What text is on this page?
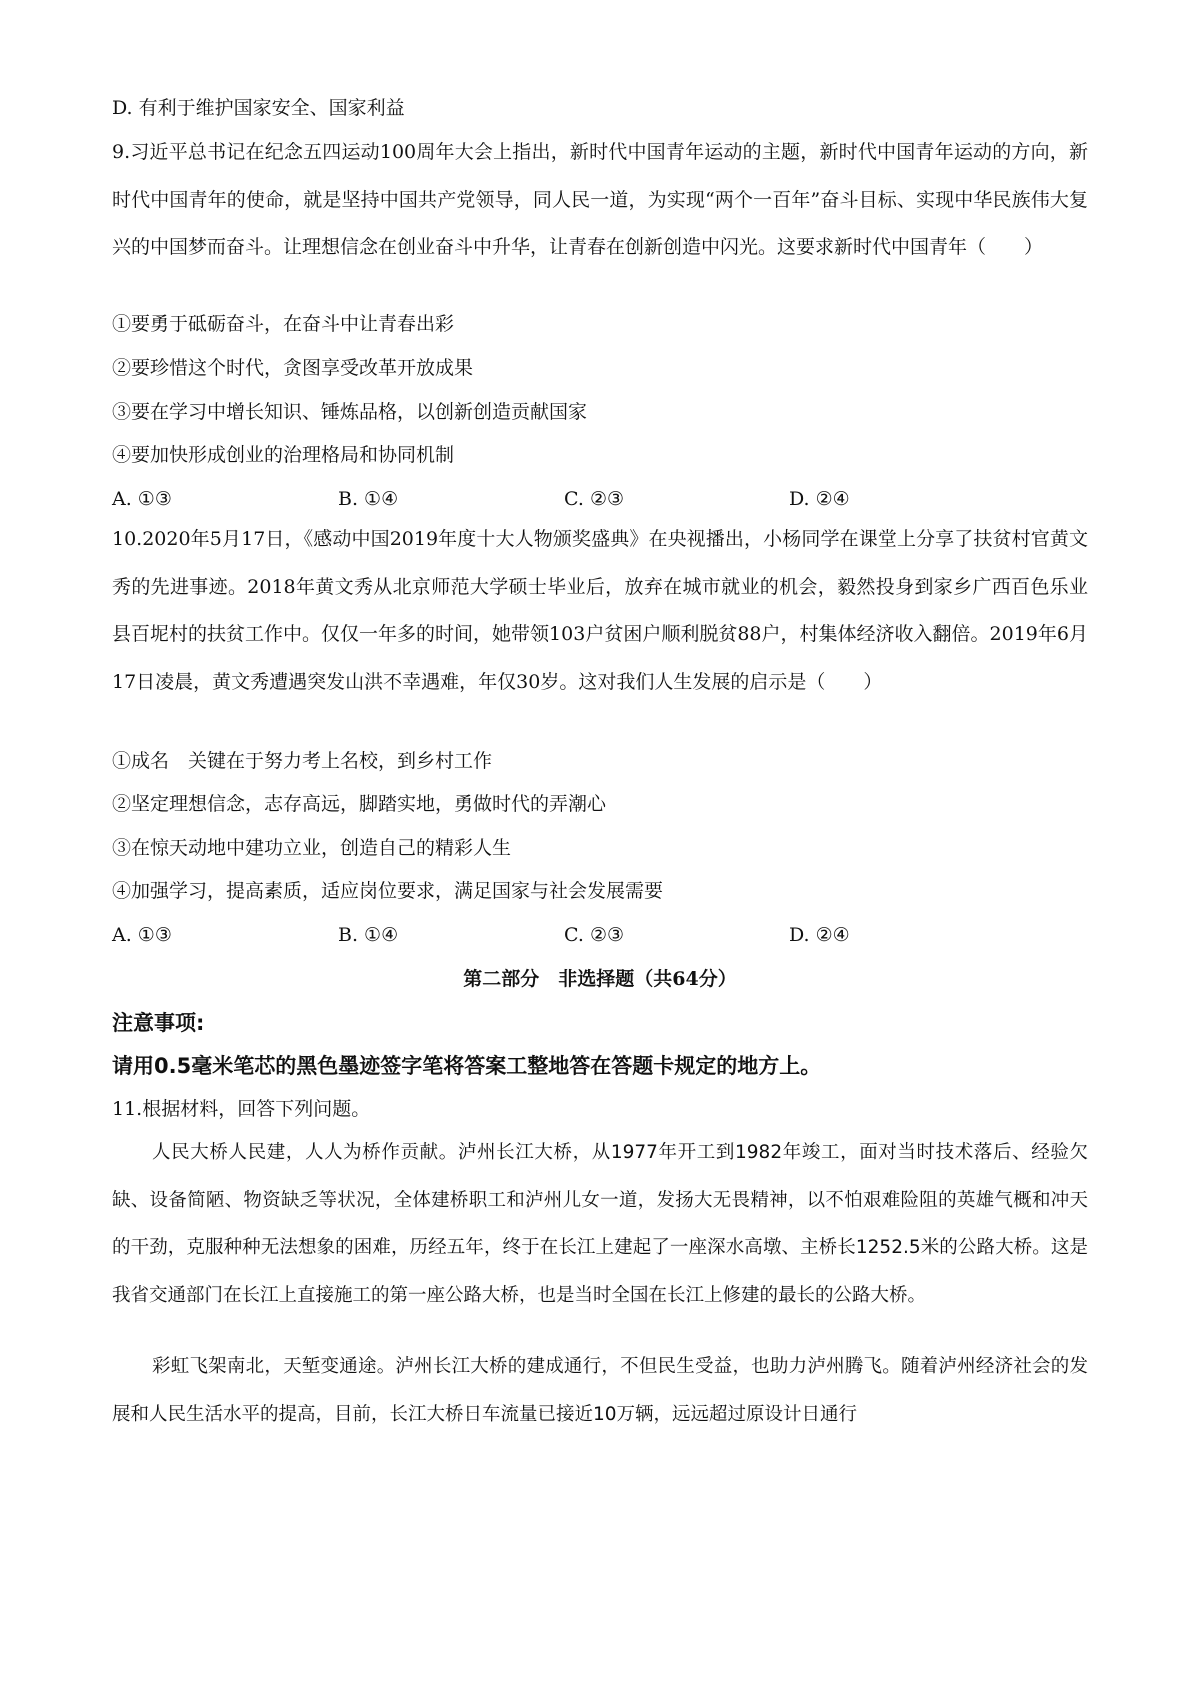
D. 有利于维护国家安全、国家利益

9.习近平总书记在纪念五四运动100周年大会上指出，新时代中国青年运动的主题，新时代中国青年运动的方向，新时代中国青年的使命，就是坚持中国共产党领导，同人民一道，为实现“两个一百年”奋斗目标、实现中华民族伟大复兴的中国梦而奋斗。让理想信念在创业奋斗中升华，让青春在创新创造中闪光。这要求新时代中国青年（　　）

①要勇于砥砺奋斗，在奋斗中让青春出彩
②要珍惜这个时代，贪图享受改革开放成果
③要在学习中增长知识、锤炼品格，以创新创造贡献国家
④要加快形成创业的治理格局和协同机制
A. ①③	B. ①④	C. ②③	D. ②④

10.2020年5月17日，《感动中国2019年度十大人物颁奖盛典》在央视播出，小杨同学在课堂上分享了扶贫村官黄文秀的先进事迹。2018年黄文秀从北京师范大学硕士毕业后，放弃在城市就业的机会，毅然投身到家乡广西百色乐业县百坭村的扶贫工作中。仅仅一年多的时间，她带领103户贫困户顺利脱贫88户，村集体经济收入翻倍。2019年6月17日凌晨，黄文秀遭遇突发山洪不幸遇难，年仅30岁。这对我们人生发展的启示是（　　）

①成名　关键在于努力考上名校，到乡村工作
②坚定理想信念，志存高远，脚踏实地，勇做时代的弄潮心
③在惊天动地中建功立业，创造自己的精彩人生
④加强学习，提高素质，适应岗位要求，满足国家与社会发展需要
A. ①③	B. ①④	C. ②③	D. ②④
第二部分　非选择题（共64分）
注意事项:
请用0.5毫米笔芯的黑色墨迹签字笔将答案工整地答在答题卡规定的地方上。
11.根据材料，回答下列问题。

人民大桥人民建，人人为桥作贡献。泸州长江大桥，从1977年开工到1982年竣工，面对当时技术落后、经验欠缺、设备简陋、物资缺乏等状况，全体建桥职工和泸州儿女一道，发扬大无畏精神，以不怕艰难险阻的英雄气概和冲天的干劲，克服种种无法想象的困难，历经五年，终于在长江上建起了一座深水高墩、主桥长1252.5米的公路大桥。这是我省交通部门在长江上直接施工的第一座公路大桥，也是当时全国在长江上修建的最长的公路大桥。

彩虹飞架南北，天堑变通途。泸州长江大桥的建成通行，不但民生受益，也助力泸州腾飞。随着泸州经济社会的发展和人民生活水平的提高，目前，长江大桥日车流量已接近10万辆，远远超过原设计日通行
